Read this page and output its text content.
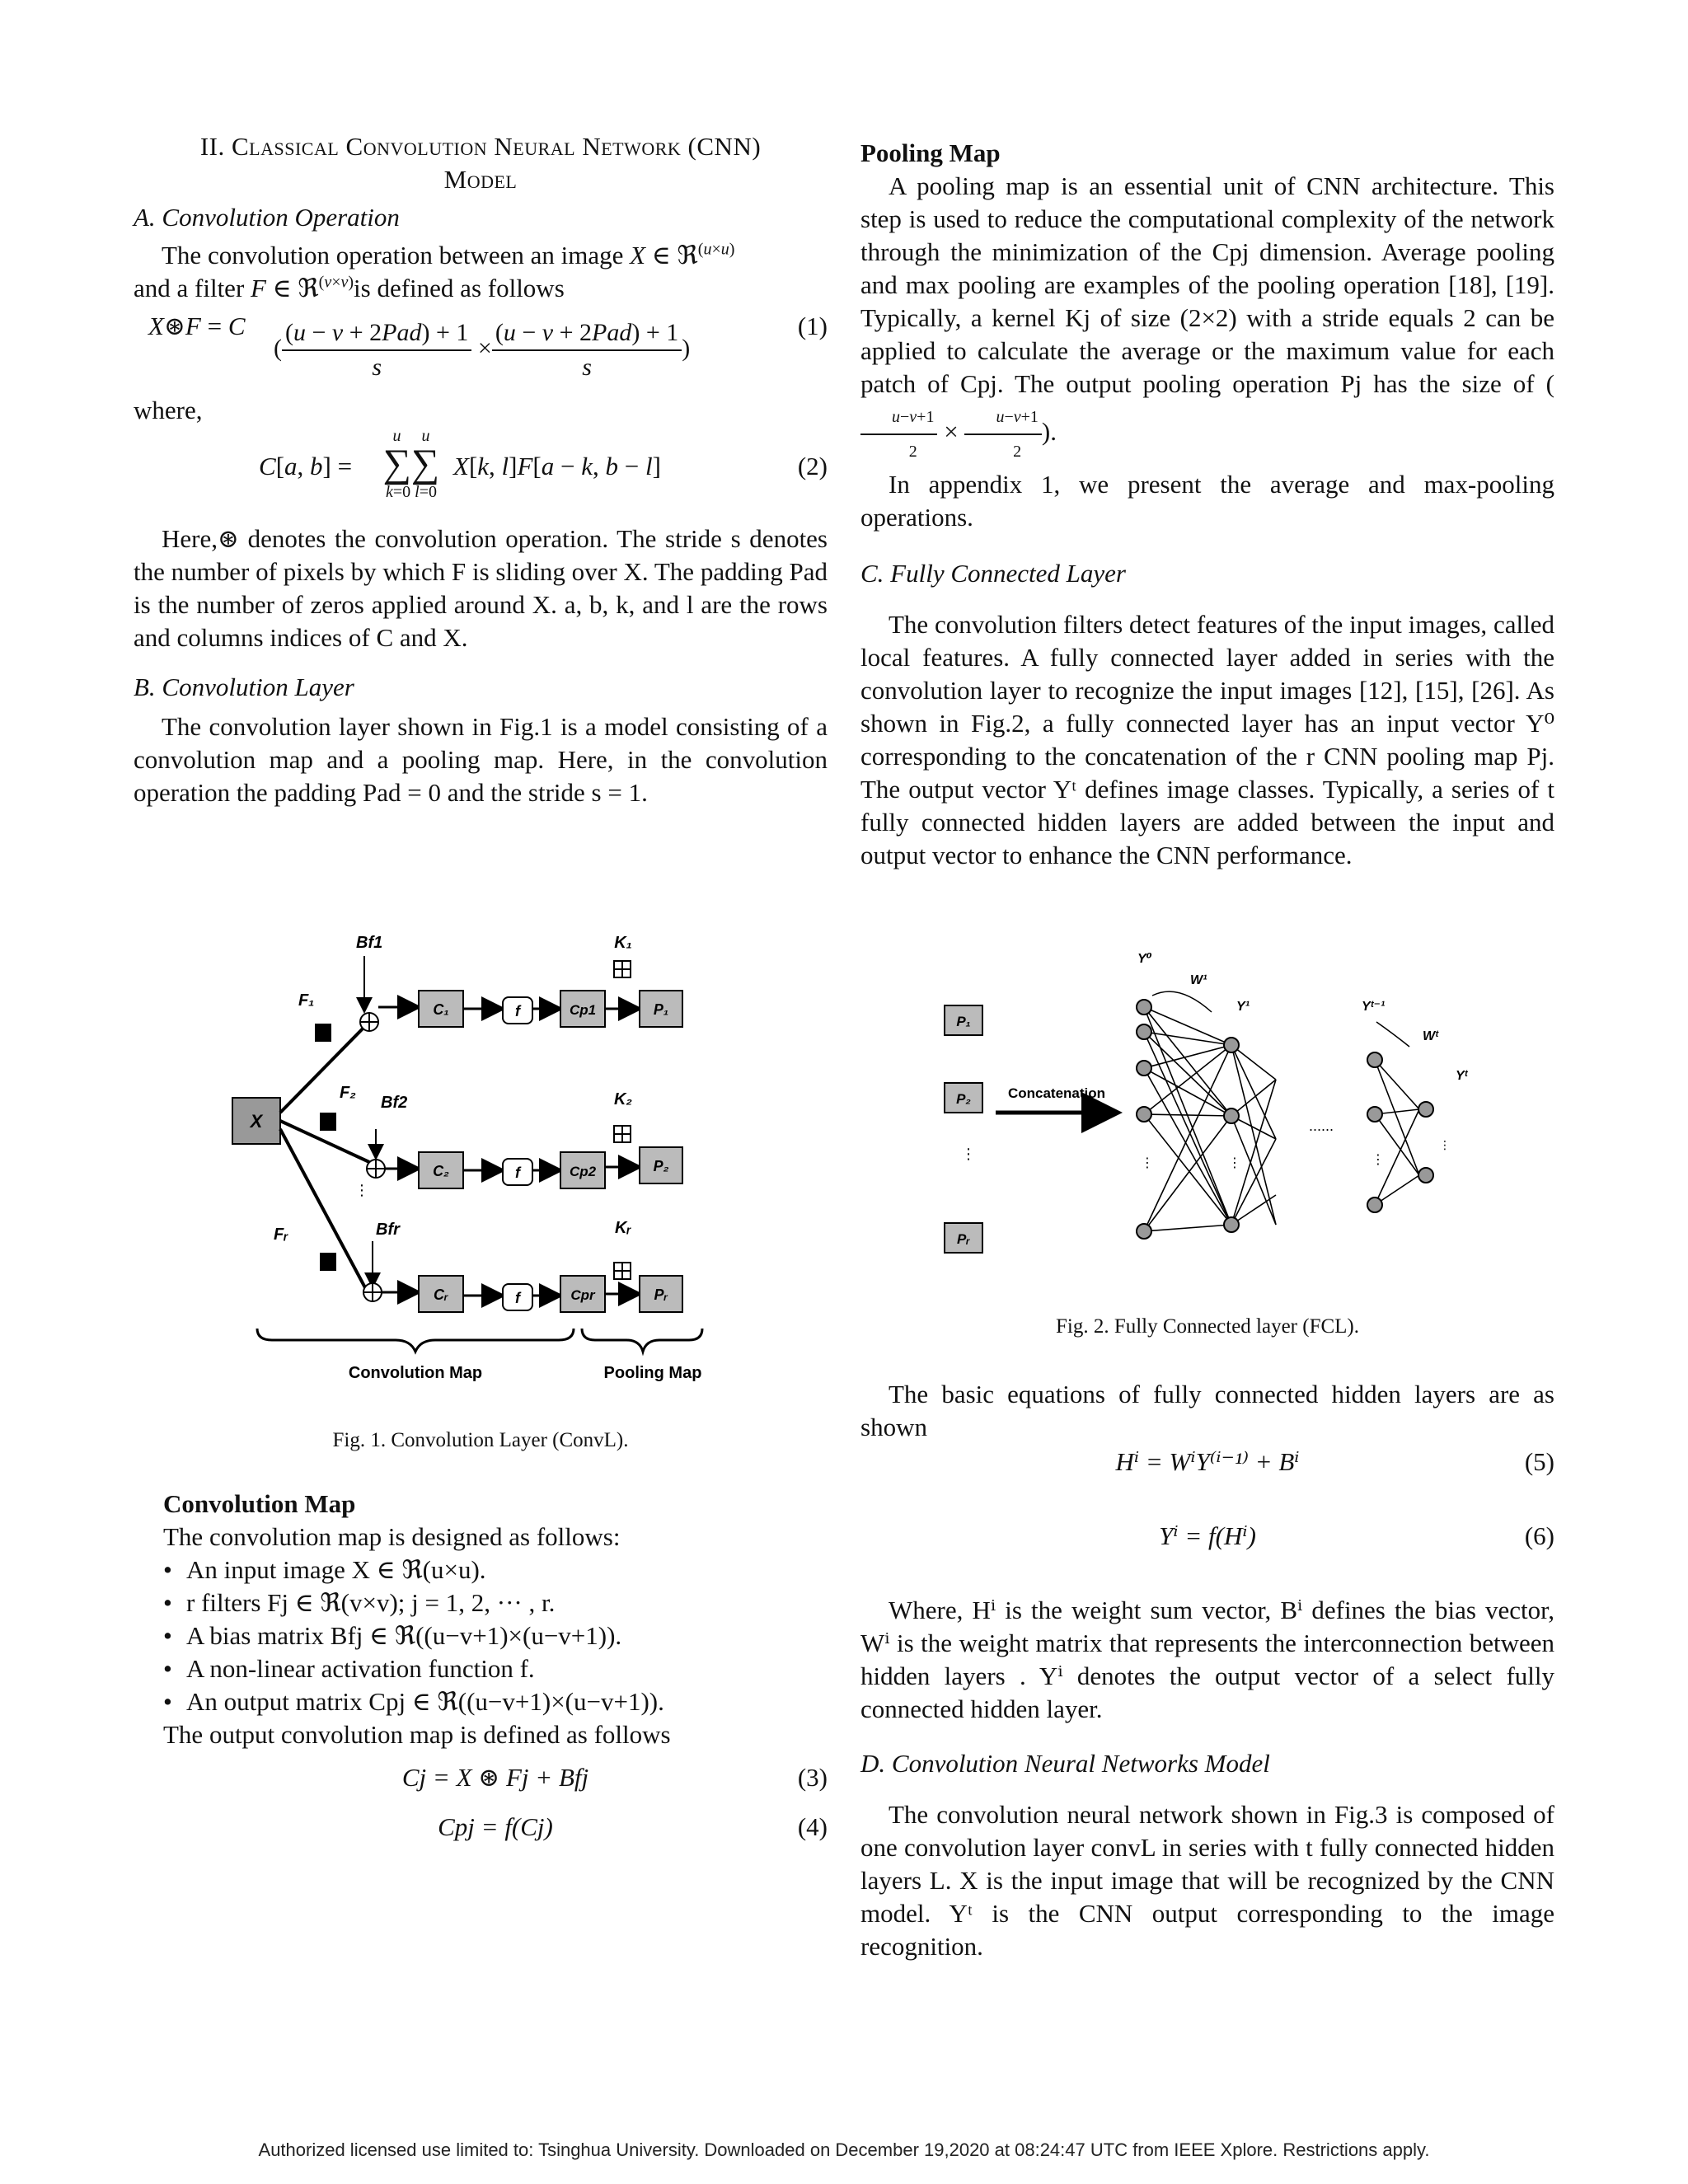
II. Classical Convolution Neural Network (CNN)
Model
A. Convolution Operation

The convolution operation between an image X ∈ ℜ$^{(u\times u)}$
and a filter F ∈ ℜ$^{(v\times v)}$is defined as follows

X⊛F = C
( $\frac{\text{(u − v + 2Pad) + 1}}{s} \times \frac{\text{(u − v + 2Pad) + 1}}{s}$ )
(1)
where,
C[a, b] =
u u
∑∑
k=0 l=0
X[k, l]F[a − k, b − l]	(2)

Here,⊛ denotes the convolution operation. The stride s denotes the number of pixels by which F is sliding over X. The padding Pad is the number of zeros applied around X. a, b, k, and l are the rows and columns indices of C and X.

B. Convolution Layer

The convolution layer shown in Fig.1 is a model consisting of a convolution map and a pooling map. Here, in the convolution operation the padding Pad = 0 and the stride s = 1.

X
F₁
F₂
Fᵣ
⋮
Bf1
Bf2
Bfr
C₁	f	Cp1	P₁
K₁
C₂	f	Cp2	P₂
K₂
Cᵣ	f	Cpr	Pᵣ
Kᵣ
Convolution Map	Pooling Map
Fig. 1. Convolution Layer (ConvL).
Convolution Map
The convolution map is designed as follows:
• An input image X ∈ ℜ(u×u).
• r filters Fj ∈ ℜ(v×v); j = 1, 2, ··· , r.
• A bias matrix Bfj ∈ ℜ((u−v+1)×(u−v+1)).
• A non-linear activation function f.
• An output matrix Cpj ∈ ℜ((u−v+1)×(u−v+1)).
The output convolution map is defined as follows
Cj = X ⊛ Fj + Bfj	(3)
Cpj = f(Cj)	(4)
Pooling Map

A pooling map is an essential unit of CNN architecture. This step is used to reduce the computational complexity of the network through the minimization of the Cpj dimension. Average pooling and max pooling are examples of the pooling operation [18], [19]. Typically, a kernel Kj of size (2×2) with a stride equals 2 can be applied to calculate the average or the maximum value for each patch of Cpj. The output pooling operation Pj has the size of (
$\frac{u-v+1}{2} \times \frac{u-v+1}{2}$ ).

In appendix 1, we present the average and max-pooling operations.

C. Fully Connected Layer

The convolution filters detect features of the input images, called local features. A fully connected layer added in series with the convolution layer to recognize the input images [12], [15], [26]. As shown in Fig.2, a fully connected layer has an input vector Y⁰ corresponding to the concatenation of the r CNN pooling map Pj. The output vector Yᵗ defines image classes. Typically, a series of t fully connected hidden layers are added between the input and output vector to enhance the CNN performance.

P₁
P₂
⋮
Pᵣ
Concatenation
Y⁰
W¹
Y¹	Yᵗ⁻¹
Wᵗ
Yᵗ
⋮	⋮
......
⋮
⋮
Fig. 2. Fully Connected layer (FCL).

The basic equations of fully connected hidden layers are as shown

Hⁱ = WⁱY⁽ⁱ⁻¹⁾ + Bⁱ	(5)
Yⁱ = f(Hⁱ)	(6)

Where, Hⁱ is the weight sum vector, Bⁱ defines the bias vector, Wⁱ is the weight matrix that represents the interconnection between hidden layers . Yⁱ denotes the output vector of a select fully connected hidden layer.

D. Convolution Neural Networks Model

The convolution neural network shown in Fig.3 is composed of one convolution layer convL in series with t fully connected hidden layers L. X is the input image that will be recognized by the CNN model. Yᵗ is the CNN output corresponding to the image recognition.

Authorized licensed use limited to: Tsinghua University. Downloaded on December 19,2020 at 08:24:47 UTC from IEEE Xplore. Restrictions apply.
